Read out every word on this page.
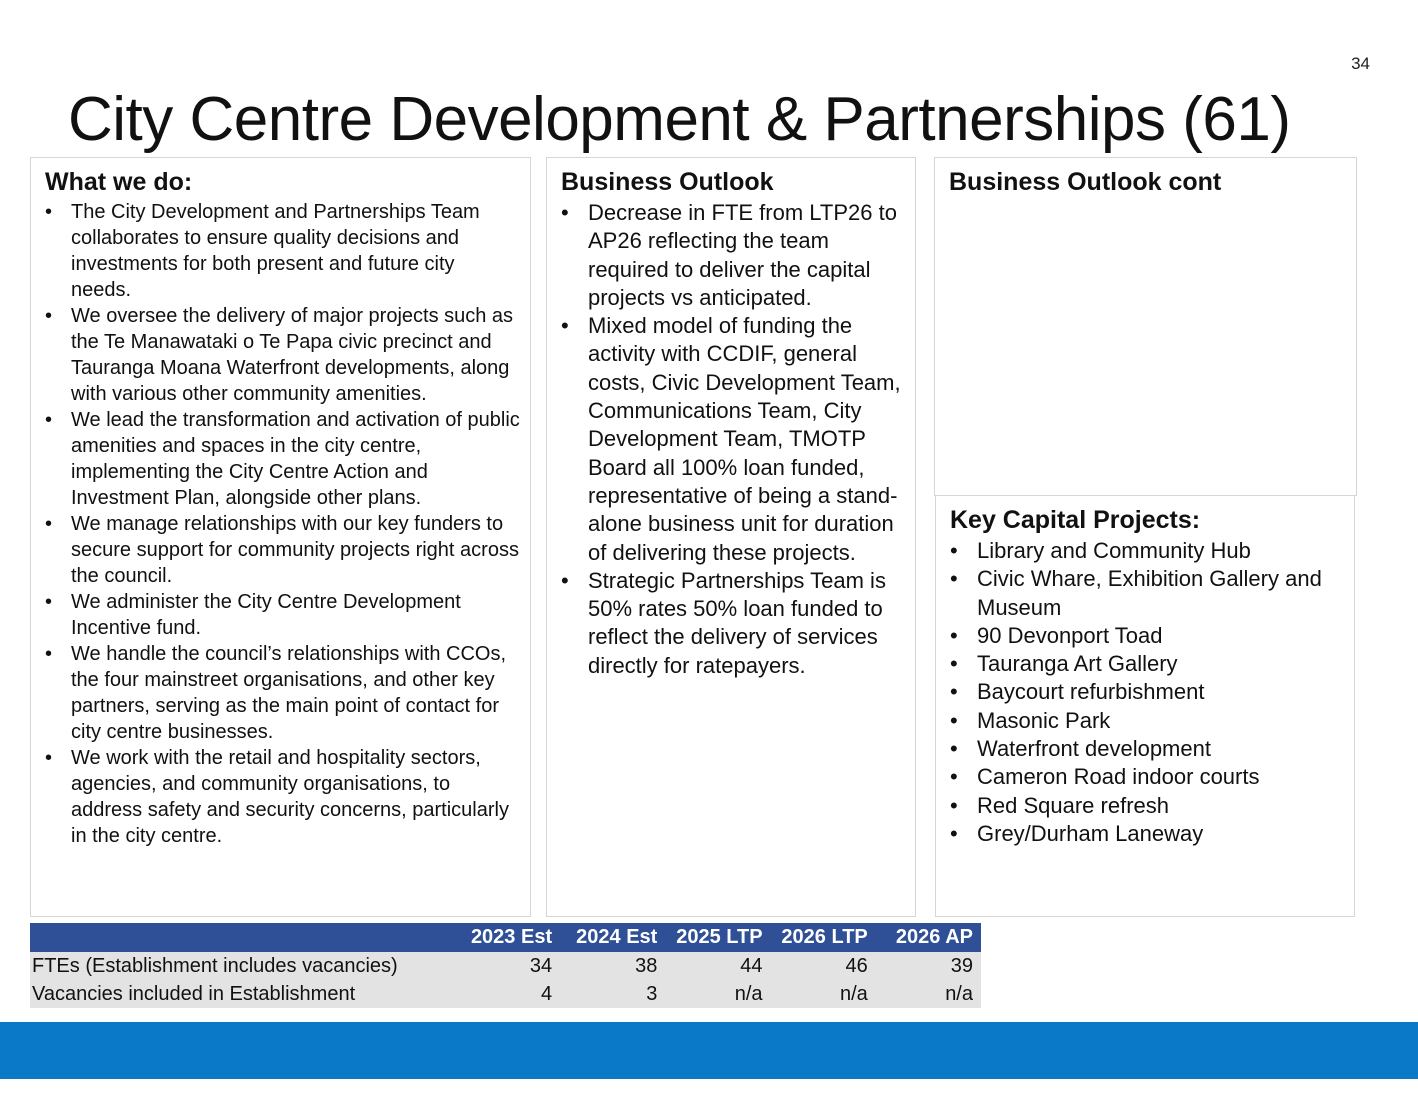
34
City Centre Development & Partnerships (61)
What we do:
• The City Development and Partnerships Team collaborates to ensure quality decisions and investments for both present and future city needs.
• We oversee the delivery of major projects such as the Te Manawataki o Te Papa civic precinct and Tauranga Moana Waterfront developments, along with various other community amenities.
• We lead the transformation and activation of public amenities and spaces in the city centre, implementing the City Centre Action and Investment Plan, alongside other plans.
• We manage relationships with our key funders to secure support for community projects right across the council.
• We administer the City Centre Development Incentive fund.
• We handle the council’s relationships with CCOs, the four mainstreet organisations, and other key partners, serving as the main point of contact for city centre businesses.
• We work with the retail and hospitality sectors, agencies, and community organisations, to address safety and security concerns, particularly in the city centre.
Business Outlook
• Decrease in FTE from LTP26 to AP26 reflecting the team required to deliver the capital projects vs anticipated.
• Mixed model of funding the activity with CCDIF, general costs, Civic Development Team, Communications Team, City Development Team, TMOTP Board all 100% loan funded, representative of being a stand-alone business unit for duration of delivering these projects.
• Strategic Partnerships Team is 50% rates 50% loan funded to reflect the delivery of services directly for ratepayers.
Business Outlook cont
Key Capital Projects:
• Library and Community Hub
• Civic Whare, Exhibition Gallery and Museum
• 90 Devonport Toad
• Tauranga Art Gallery
• Baycourt refurbishment
• Masonic Park
• Waterfront development
• Cameron Road indoor courts
• Red Square refresh
• Grey/Durham Laneway
	2023 Est	2024 Est	2025 LTP	2026 LTP	2026 AP
FTEs (Establishment includes vacancies)	34	38	44	46	39
Vacancies included in Establishment	4	3	n/a	n/a	n/a
